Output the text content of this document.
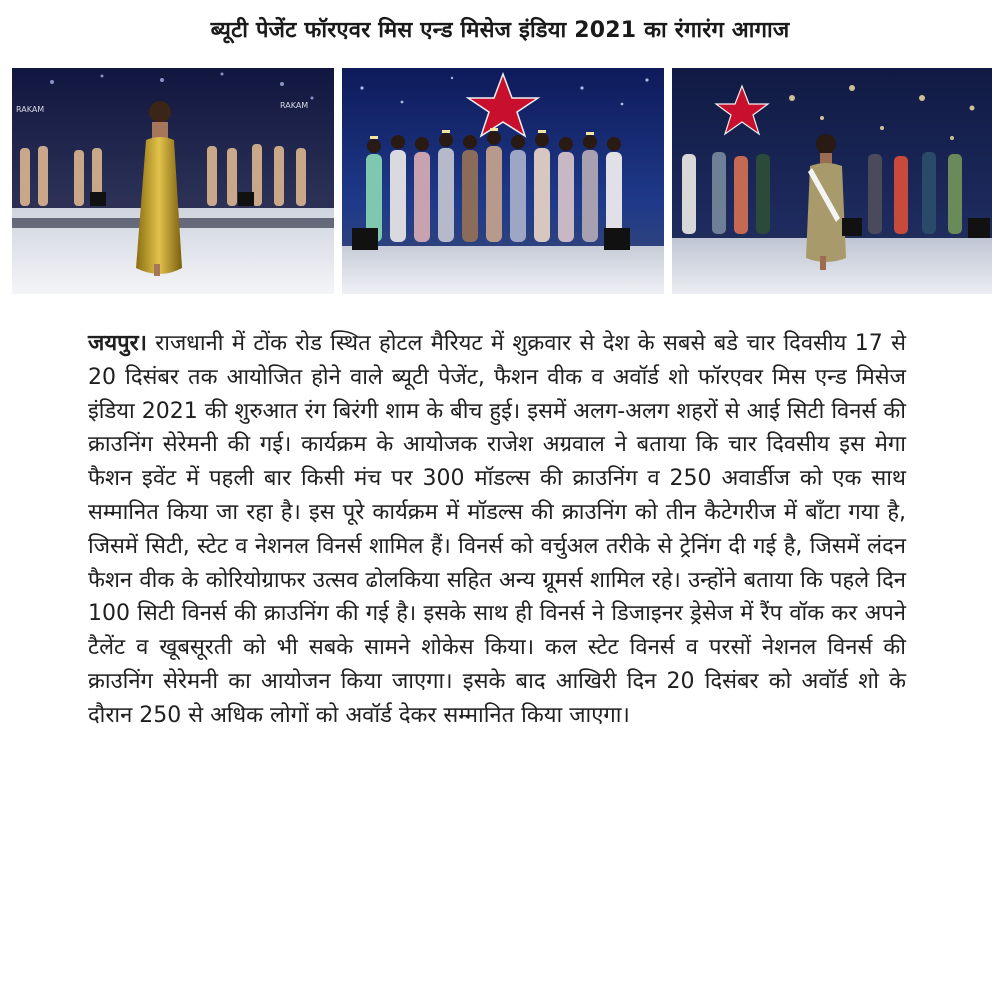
ब्यूटी पेजेंट फॉरएवर मिस एन्ड मिसेज इंडिया 2021 का रंगारंग आगाज
RAKAM	RAKAM
जयपुर। राजधानी में टोंक रोड स्थित होटल मैरियट में शुक्रवार से देश के सबसे बडे चार दिवसीय 17 से 20 दिसंबर तक आयोजित होने वाले ब्यूटी पेजेंट, फैशन वीक व अवॉर्ड शो फॉरएवर मिस एन्ड मिसेज इंडिया 2021 की शुरुआत रंग बिरंगी शाम के बीच हुई। इसमें अलग-अलग शहरों से आई सिटी विनर्स की क्राउनिंग सेरेमनी की गई। कार्यक्रम के आयोजक राजेश अग्रवाल ने बताया कि चार दिवसीय इस मेगा फैशन इवेंट में पहली बार किसी मंच पर 300 मॉडल्स की क्राउनिंग व 250 अवार्डीज को एक साथ सम्मानित किया जा रहा है। इस पूरे कार्यक्रम में मॉडल्स की क्राउनिंग को तीन कैटेगरीज में बाँटा गया है, जिसमें सिटी, स्टेट व नेशनल विनर्स शामिल हैं। विनर्स को वर्चुअल तरीके से ट्रेनिंग दी गई है, जिसमें लंदन फैशन वीक के कोरियोग्राफर उत्सव ढोलकिया सहित अन्य ग्रूमर्स शामिल रहे। उन्होंने बताया कि पहले दिन 100 सिटी विनर्स की क्राउनिंग की गई है। इसके साथ ही विनर्स ने डिजाइनर ड्रेसेज में रैंप वॉक कर अपने टैलेंट व खूबसूरती को भी सबके सामने शोकेस किया। कल स्टेट विनर्स व परसों नेशनल विनर्स की क्राउनिंग सेरेमनी का आयोजन किया जाएगा। इसके बाद आखिरी दिन 20 दिसंबर को अवॉर्ड शो के दौरान 250 से अधिक लोगों को अवॉर्ड देकर सम्मानित किया जाएगा।
